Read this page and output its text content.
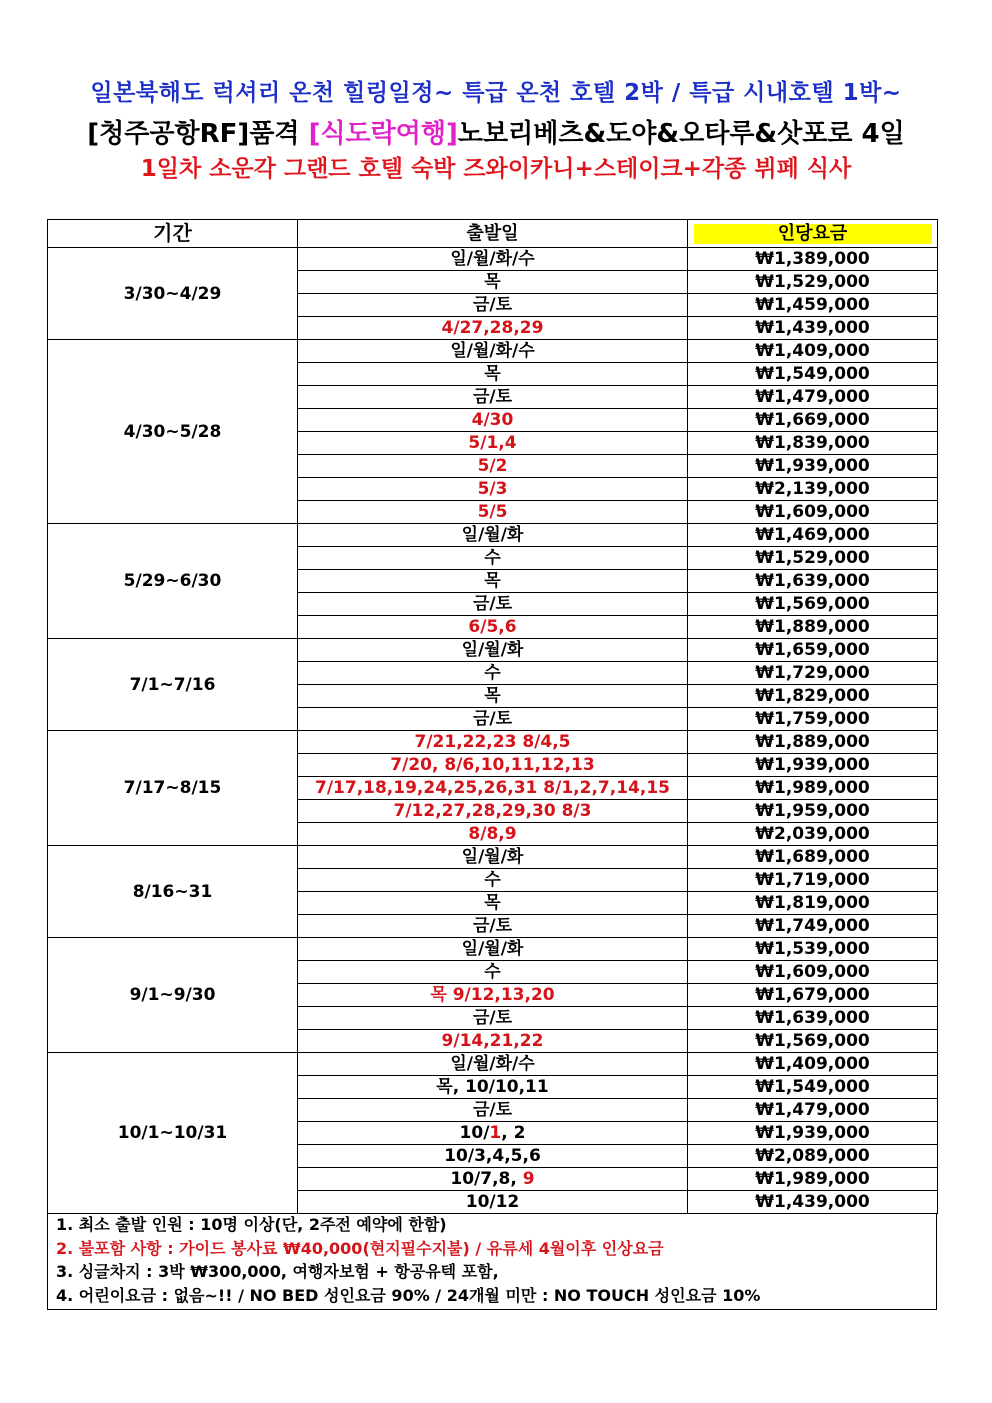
일본북해도 럭셔리 온천 힐링일정~ 특급 온천 호텔 2박 / 특급 시내호텔 1박~
[청주공항RF]품격 [식도락여행]노보리베츠&도야&오타루&삿포로 4일
1일차 소운각 그랜드 호텔 숙박 즈와이카니+스테이크+각종 뷔페 식사
기간	출발일	인당요금
3/30~4/29	일/월/화/수	₩1,389,000
	목	₩1,529,000
	금/토	₩1,459,000
	4/27,28,29	₩1,439,000
4/30~5/28	일/월/화/수	₩1,409,000
	목	₩1,549,000
	금/토	₩1,479,000
	4/30	₩1,669,000
	5/1,4	₩1,839,000
	5/2	₩1,939,000
	5/3	₩2,139,000
	5/5	₩1,609,000
5/29~6/30	일/월/화	₩1,469,000
	수	₩1,529,000
	목	₩1,639,000
	금/토	₩1,569,000
	6/5,6	₩1,889,000
7/1~7/16	일/월/화	₩1,659,000
	수	₩1,729,000
	목	₩1,829,000
	금/토	₩1,759,000
7/17~8/15	7/21,22,23 8/4,5	₩1,889,000
	7/20, 8/6,10,11,12,13	₩1,939,000
	7/17,18,19,24,25,26,31 8/1,2,7,14,15	₩1,989,000
	7/12,27,28,29,30 8/3	₩1,959,000
	8/8,9	₩2,039,000
8/16~31	일/월/화	₩1,689,000
	수	₩1,719,000
	목	₩1,819,000
	금/토	₩1,749,000
9/1~9/30	일/월/화	₩1,539,000
	수	₩1,609,000
	목 9/12,13,20	₩1,679,000
	금/토	₩1,639,000
	9/14,21,22	₩1,569,000
10/1~10/31	일/월/화/수	₩1,409,000
	목, 10/10,11	₩1,549,000
	금/토	₩1,479,000
	10/1, 2	₩1,939,000
	10/3,4,5,6	₩2,089,000
	10/7,8, 9	₩1,989,000
	10/12	₩1,439,000
1. 최소 출발 인원 : 10명 이상(단, 2주전 예약에 한함)
2. 불포함 사항 : 가이드 봉사료 ₩40,000(현지필수지불) / 유류세 4월이후 인상요금
3. 싱글차지 : 3박 ₩300,000, 여행자보험 + 항공유텍 포함,
4. 어린이요금 : 없음~!! / NO BED 성인요금 90% / 24개월 미만 : NO TOUCH 성인요금 10%
